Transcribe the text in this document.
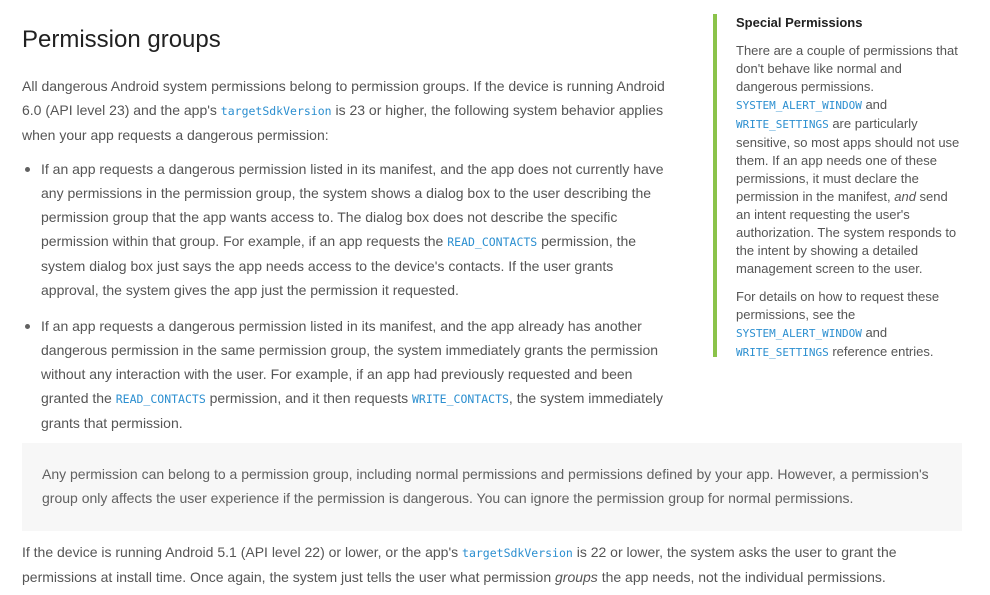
Permission groups

All dangerous Android system permissions belong to permission groups. If the device is running Android 6.0 (API level 23) and the app's targetSdkVersion is 23 or higher, the following system behavior applies when your app requests a dangerous permission:

If an app requests a dangerous permission listed in its manifest, and the app does not currently have any permissions in the permission group, the system shows a dialog box to the user describing the permission group that the app wants access to. The dialog box does not describe the specific permission within that group. For example, if an app requests the READ_CONTACTS permission, the system dialog box just says the app needs access to the device's contacts. If the user grants approval, the system gives the app just the permission it requested.
If an app requests a dangerous permission listed in its manifest, and the app already has another dangerous permission in the same permission group, the system immediately grants the permission without any interaction with the user. For example, if an app had previously requested and been granted the READ_CONTACTS permission, and it then requests WRITE_CONTACTS, the system immediately grants that permission.

Special Permissions

There are a couple of permissions that don't behave like normal and dangerous permissions. SYSTEM_ALERT_WINDOW and WRITE_SETTINGS are particularly sensitive, so most apps should not use them. If an app needs one of these permissions, it must declare the permission in the manifest, and send an intent requesting the user's authorization. The system responds to the intent by showing a detailed management screen to the user.

For details on how to request these permissions, see the SYSTEM_ALERT_WINDOW and WRITE_SETTINGS reference entries.

Any permission can belong to a permission group, including normal permissions and permissions defined by your app. However, a permission's group only affects the user experience if the permission is dangerous. You can ignore the permission group for normal permissions.

If the device is running Android 5.1 (API level 22) or lower, or the app's targetSdkVersion is 22 or lower, the system asks the user to grant the permissions at install time. Once again, the system just tells the user what permission groups the app needs, not the individual permissions.
